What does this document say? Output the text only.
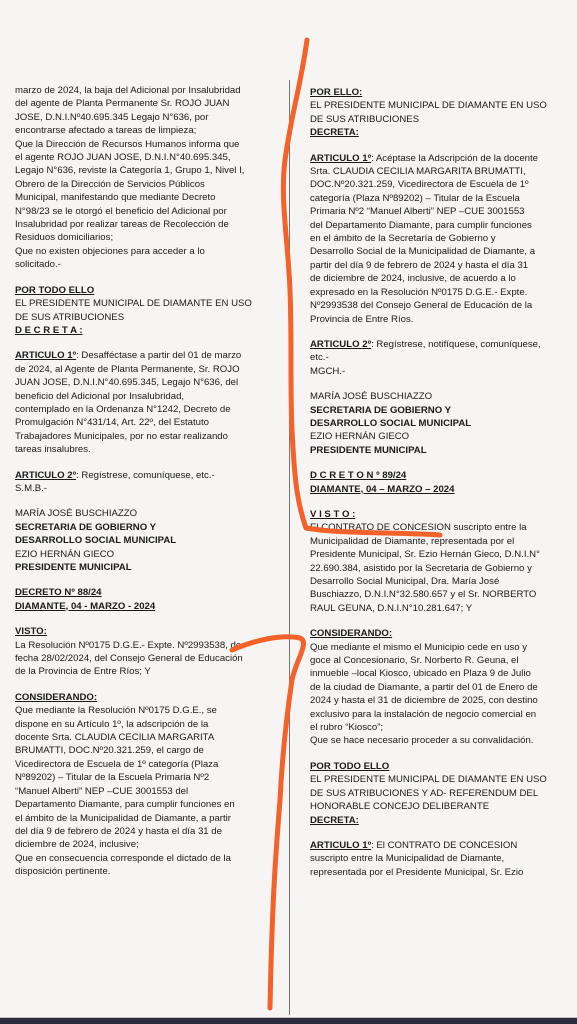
marzo de 2024, la baja del Adicional por Insalubridad
del agente de Planta Permanente Sr. ROJO JUAN
JOSE, D.N.I.Nº40.695.345 Legajo N°636, por
encontrarse afectado a tareas de limpieza;
Que la Dirección de Recursos Humanos informa que
el agente ROJO JUAN JOSE, D.N.I.N°40.695.345,
Legajo N°636, reviste la Categoría 1, Grupo 1, Nivel I,
Obrero de la Dirección de Servicios Públicos
Municipal, manifestando que mediante Decreto
N°98/23 se le otorgó el beneficio del Adicional por
Insalubridad por realizar tareas de Recolección de
Residuos domiciliarios;
Que no existen objeciones para acceder a lo
solicitado.-
POR TODO ELLO
EL PRESIDENTE MUNICIPAL DE DIAMANTE EN USO
DE SUS ATRIBUCIONES
D E C R E T A :
ARTICULO 1º: Desafféctase a partir del 01 de marzo
de 2024, al Agente de Planta Permanente, Sr. ROJO
JUAN JOSE, D.N.I.N°40.695.345, Legajo N°636, del
beneficio del Adicional por Insalubridad,
contemplado en la Ordenanza N°1242, Decreto de
Promulgación N°431/14, Art. 22º, del Estatuto
Trabajadores Municipales, por no estar realizando
tareas insalubres.
ARTICULO 2º: Regístrese, comuníquese, etc.-
S.M.B.-
MARÍA JOSÉ BUSCHIAZZO
SECRETARIA DE GOBIERNO Y
DESARROLLO SOCIAL MUNICIPAL
EZIO HERNÁN GIECO
PRESIDENTE MUNICIPAL
DECRETO Nº 88/24
DIAMANTE, 04 - MARZO - 2024
VISTO:
La Resolución Nº0175 D.G.E.- Expte. Nº2993538, de
fecha 28/02/2024, del Consejo General de Educación
de la Provincia de Entre Ríos; Y
CONSIDERANDO:
Que mediante la Resolución Nº0175 D.G.E., se
dispone en su Artículo 1º, la adscripción de la
docente Srta. CLAUDIA CECILIA MARGARITA
BRUMATTI, DOC.Nº20.321.259, el cargo de
Vicedirectora de Escuela de 1º categoría (Plaza
Nº89202) – Titular de la Escuela Primaria Nº2
“Manuel Alberti” NEP –CUE 3001553 del
Departamento Diamante, para cumplir funciones en
el ámbito de la Municipalidad de Diamante, a partir
del día 9 de febrero de 2024 y hasta el día 31 de
diciembre de 2024, inclusive;
Que en consecuencia corresponde el dictado de la
disposición pertinente.
POR ELLO:
EL PRESIDENTE MUNICIPAL DE DIAMANTE EN USO
DE SUS ATRIBUCIONES
DECRETA:
ARTICULO 1º: Acéptase la Adscripción de la docente
Srta. CLAUDIA CECILIA MARGARITA BRUMATTI,
DOC.Nº20.321.259, Vicedirectora de Escuela de 1º
categoría (Plaza Nº89202) – Titular de la Escuela
Primaria Nº2 “Manuel Alberti” NEP –CUE 3001553
del Departamento Diamante, para cumplir funciones
en el ámbito de la Secretaría de Gobierno y
Desarrollo Social de la Municipalidad de Diamante, a
partir del día 9 de febrero de 2024 y hasta el día 31
de diciembre de 2024, inclusive, de acuerdo a lo
expresado en la Resolución Nº0175 D.G.E.- Expte.
Nº2993538 del Consejo General de Educación de la
Provincia de Entre Ríos.
ARTICULO 2º: Regístrese, notifíquese, comuníquese,
etc.-
MGCH.-
MARÍA JOSÉ BUSCHIAZZO
SECRETARIA DE GOBIERNO Y
DESARROLLO SOCIAL MUNICIPAL
EZIO HERNÁN GIECO
PRESIDENTE MUNICIPAL
D C R E T O N º 89/24
DIAMANTE, 04 – MARZO – 2024
V I S T O :
El CONTRATO DE CONCESION suscripto entre la
Municipalidad de Diamante, representada por el
Presidente Municipal, Sr. Ezio Hernán Gieco, D.N.I.N°
22.690.384, asistido por la Secretaria de Gobierno y
Desarrollo Social Municipal, Dra. María José
Buschiazzo, D.N.I.N°32.580.657 y el Sr. NORBERTO
RAUL GEUNA, D.N.I.N°10.281.647; Y
CONSIDERANDO:
Que mediante el mismo el Municipio cede en uso y
goce al Concesionario, Sr. Norberto R. Geuna, el
inmueble –local Kiosco, ubicado en Plaza 9 de Julio
de la ciudad de Diamante, a partir del 01 de Enero de
2024 y hasta el 31 de diciembre de 2025, con destino
exclusivo para la instalación de negocio comercial en
el rubro “Kiosco”;
Que se hace necesario proceder a su convalidación.
POR TODO ELLO
EL PRESIDENTE MUNICIPAL DE DIAMANTE EN USO
DE SUS ATRIBUCIONES Y AD- REFERENDUM DEL
HONORABLE CONCEJO DELIBERANTE
DECRETA:
ARTICULO 1º: El CONTRATO DE CONCESION
suscripto entre la Municipalidad de Diamante,
representada por el Presidente Municipal, Sr. Ezio
